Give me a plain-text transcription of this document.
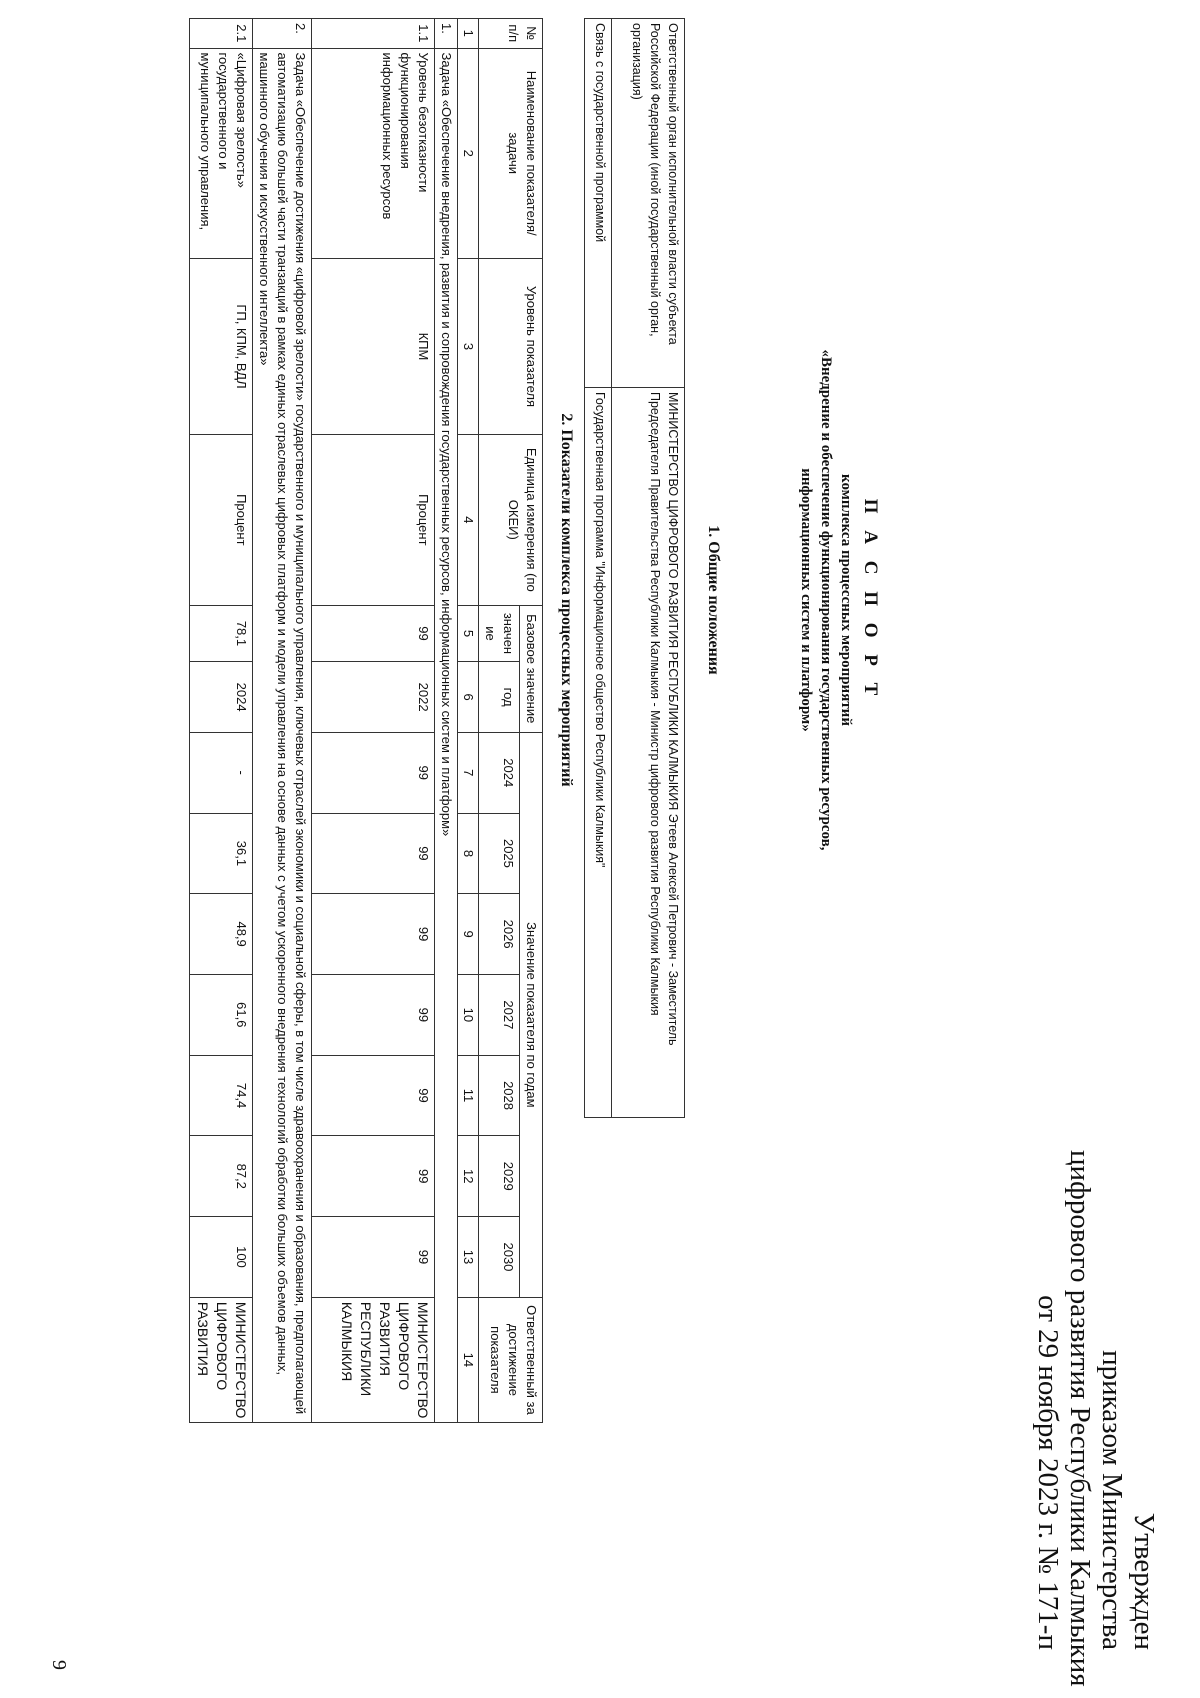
Утвержден
приказом Министерства
цифрового развития Республики Калмыкия
от 29 ноября 2023 г. № 171-п
9
П А С П О Р Т
комплекса процессных мероприятий
«Внедрение и обеспечение функционирования государственных ресурсов,
информационных систем и платформ»
1. Общие положения
Ответственный орган исполнительной власти субъекта Российской Федерации (иной государственный орган, организация)	МИНИСТЕРСТВО ЦИФРОВОГО РАЗВИТИЯ РЕСПУБЛИКИ КАЛМЫКИЯ Этеев Алексей Петрович - Заместитель Председателя Правительства Республики Калмыкия - Министр цифрового развития Республики Калмыкия
Связь с государственной программой	Государственная программа "Информационное общество Республики Калмыкия"
2. Показатели комплекса процессных мероприятий
№ п/п	Наименование показателя/задачи	Уровень показателя	Единица измерения (по ОКЕИ)	Базовое значение		Значение показателя по годам							Ответственный за достижение показателя
				значение	год	2024	2025	2026	2027	2028	2029	2030	
1	2	3	4	5	6	7	8	9	10	11	12	13	14
1.	Задача «Обеспечение внедрения, развития и сопровождения государственных ресурсов, информационных систем и платформ»												
1.1	Уровень безотказности функционирования информационных ресурсов	КПМ	Процент	99	2022	99	99	99	99	99	99	99	МИНИСТЕРСТВО ЦИФРОВОГО РАЗВИТИЯ РЕСПУБЛИКИ КАЛМЫКИЯ
2.	Задача «Обеспечение достижения «цифровой зрелости» государственного и муниципального управления, ключевых отраслей экономики и социальной сферы, в том числе здравоохранения и образования, предполагающей автоматизацию большей части транзакций в рамках единых отраслевых цифровых платформ и модели управления на основе данных с учетом ускоренного внедрения технологий обработки больших объемов данных, машинного обучения и искусственного интеллекта»												
2.1	«Цифровая зрелость» государственного и муниципального управления,	ГП, КПМ, ВДЛ	Процент	78,1	2024	-	36,1	48,9	61,6	74,4	87,2	100	МИНИСТЕРСТВО ЦИФРОВОГО РАЗВИТИЯ
